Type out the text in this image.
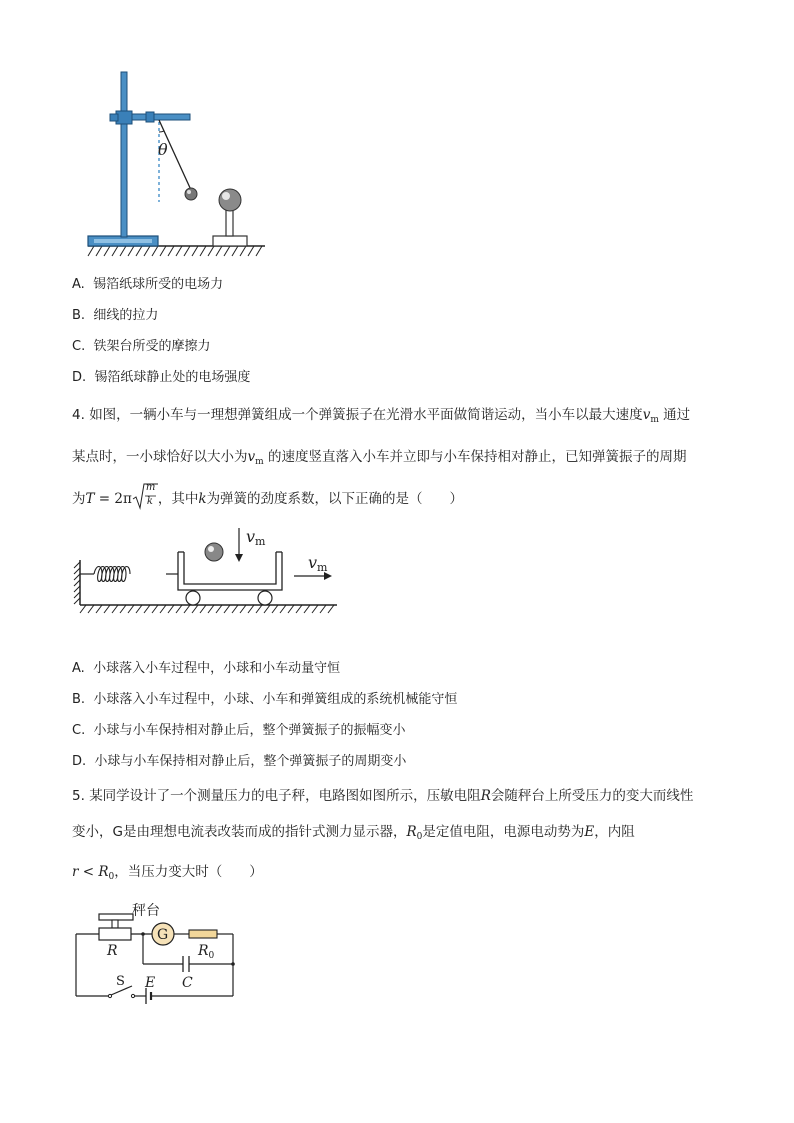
θ
A. 锡箔纸球所受的电场力
B. 细线的拉力
C. 铁架台所受的摩擦力
D. 锡箔纸球静止处的电场强度
4. 如图，一辆小车与一理想弹簧组成一个弹簧振子在光滑水平面做简谐运动，当小车以最大速度$v_m$ 通过
某点时，一小球恰好以大小为$v_m$ 的速度竖直落入小车并立即与小车保持相对静止，已知弹簧振子的周期
为T = 2π
m
k ，其中k为弹簧的劲度系数，以下正确的是（　　）
vm
vm
A. 小球落入小车过程中，小球和小车动量守恒
B. 小球落入小车过程中，小球、小车和弹簧组成的系统机械能守恒
C. 小球与小车保持相对静止后，整个弹簧振子的振幅变小
D. 小球与小车保持相对静止后，整个弹簧振子的周期变小
5. 某同学设计了一个测量压力的电子秤，电路图如图所示，压敏电阻R会随秤台上所受压力的变大而线性
变小，G是由理想电流表改装而成的指针式测力显示器，$R_0$是定值电阻，电源电动势为E，内阻
$r < R_0$，当压力变大时（　　）
秤台
G
R	$R_0$
C
S E
